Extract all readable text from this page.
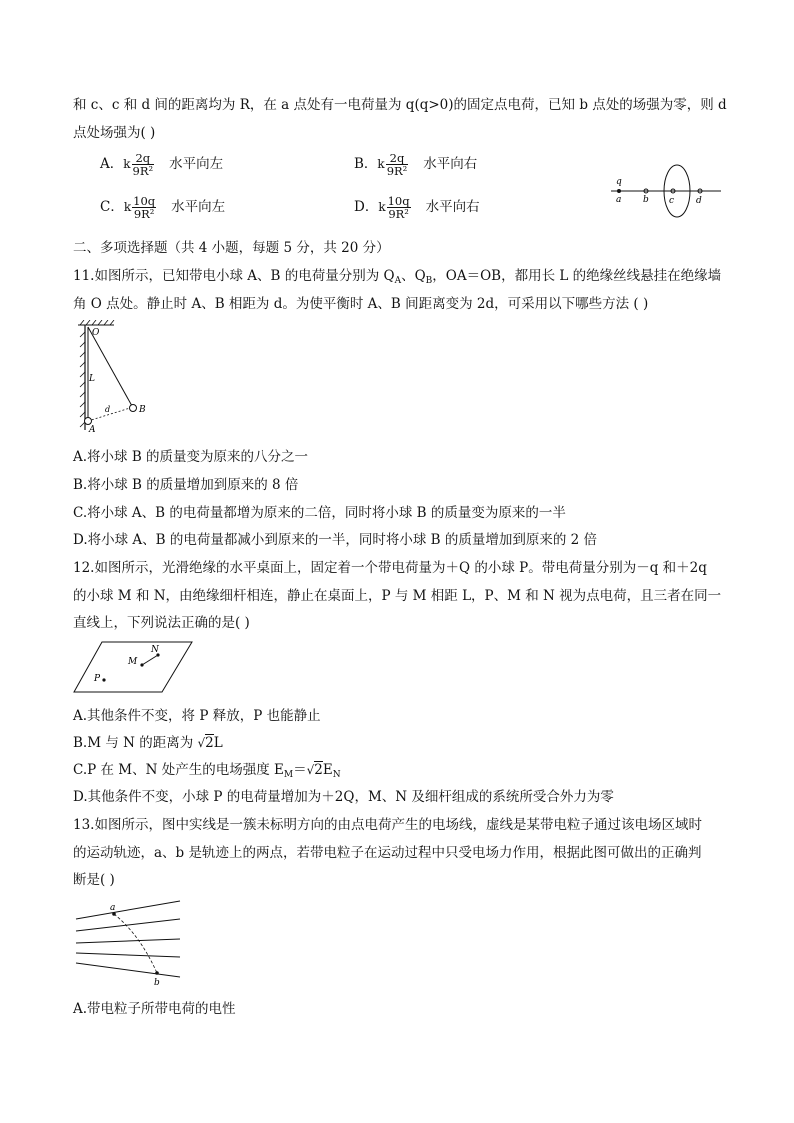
和 c、c 和 d 间的距离均为 R，在 a 点处有一电荷量为 q(q>0)的固定点电荷，已知 b 点处的场强为零，则 d
点处场强为( )
A．k $\frac{2q}{\text{9R²}}$ 水平向左	B．k $\frac{2q}{\text{9R²}}$ 水平向右
C．k $\frac{10q}{\text{9R²}}$ 水平向左	D．k $\frac{10q}{\text{9R²}}$ 水平向右
q
a b c d
二、多项选择题（共 4 小题，每题 5 分，共 20 分）
11.如图所示，已知带电小球 A、B 的电荷量分别为 $Q_A$、$Q_B$，OA＝OB，都用长 L 的绝缘丝线悬挂在绝缘墙
角 O 点处。静止时 A、B 相距为 d。为使平衡时 A、B 间距离变为 2d，可采用以下哪些方法 ( )
O
L
d
A
B
A.将小球 B 的质量变为原来的八分之一
B.将小球 B 的质量增加到原来的 8 倍
C.将小球 A、B 的电荷量都增为原来的二倍，同时将小球 B 的质量变为原来的一半
D.将小球 A、B 的电荷量都减小到原来的一半，同时将小球 B 的质量增加到原来的 2 倍
12.如图所示，光滑绝缘的水平桌面上，固定着一个带电荷量为＋Q 的小球 P。带电荷量分别为－q 和＋2q
的小球 M 和 N，由绝缘细杆相连，静止在桌面上，P 与 M 相距 L，P、M 和 N 视为点电荷，且三者在同一
直线上，下列说法正确的是( )
M
N
P
A.其他条件不变，将 P 释放，P 也能静止
B.M 与 N 的距离为 √2L
C.P 在 M、N 处产生的电场强度 $E_M=√2E_N$
D.其他条件不变，小球 P 的电荷量增加为＋2Q，M、N 及细杆组成的系统所受合外力为零
13.如图所示，图中实线是一簇未标明方向的由点电荷产生的电场线，虚线是某带电粒子通过该电场区域时
的运动轨迹，a、b 是轨迹上的两点，若带电粒子在运动过程中只受电场力作用，根据此图可做出的正确判
断是( )
a
b
A.带电粒子所带电荷的电性
